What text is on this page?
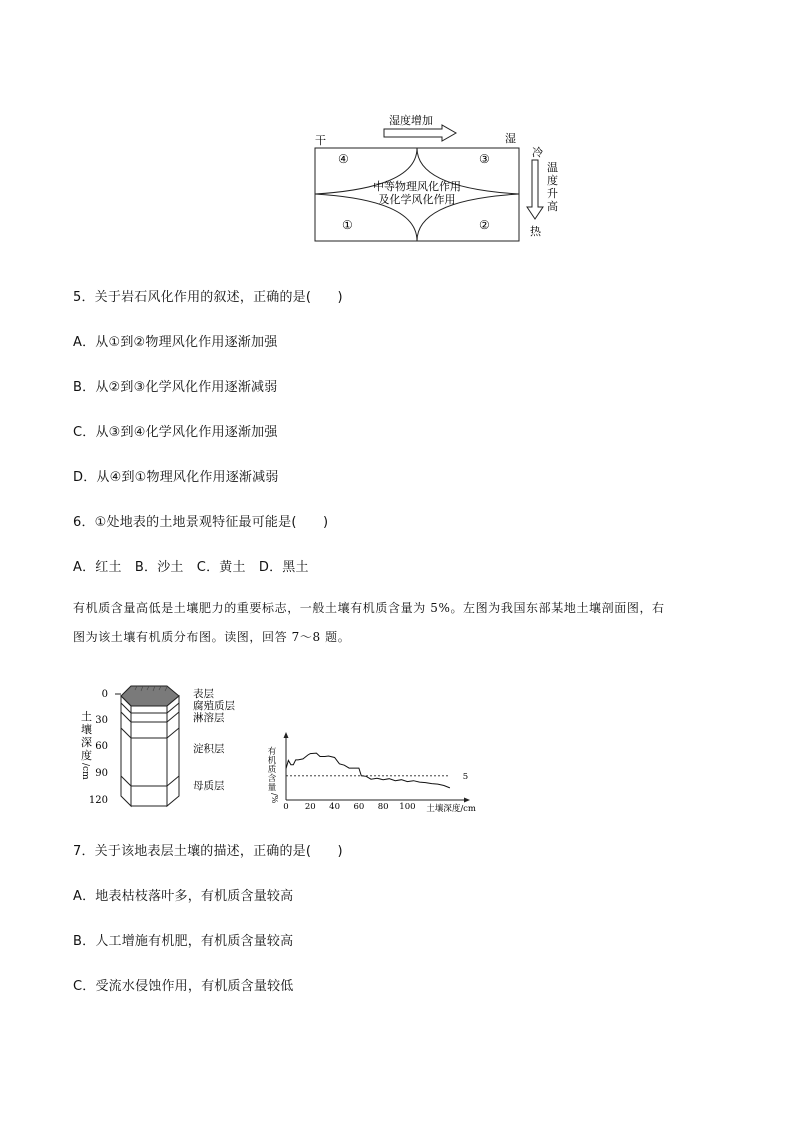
湿度增加
干	湿
④	③
①	②
中等物理风化作用
及化学风化作用
冷
温
度
升
高
热
5．关于岩石风化作用的叙述，正确的是(　　)
A．从①到②物理风化作用逐渐加强
B．从②到③化学风化作用逐渐减弱
C．从③到④化学风化作用逐渐加强
D．从④到①物理风化作用逐渐减弱
6．①处地表的土地景观特征最可能是(　　)
A．红土　B．沙土　C．黄土　D．黑土
有机质含量高低是土壤肥力的重要标志，一般土壤有机质含量为 5%。左图为我国东部某地土壤剖面图，右
图为该土壤有机质分布图。读图，回答 7～8 题。
土
壤
深
度
/cm
0
30
60
90
120
表层
腐殖质层
淋溶层
淀积层
母质层
有
机
质
含
量
/%
0 20 40 60 80 100 土壤深度/cm
5
7．关于该地表层土壤的描述，正确的是(　　)
A．地表枯枝落叶多，有机质含量较高
B．人工增施有机肥，有机质含量较高
C．受流水侵蚀作用，有机质含量较低
